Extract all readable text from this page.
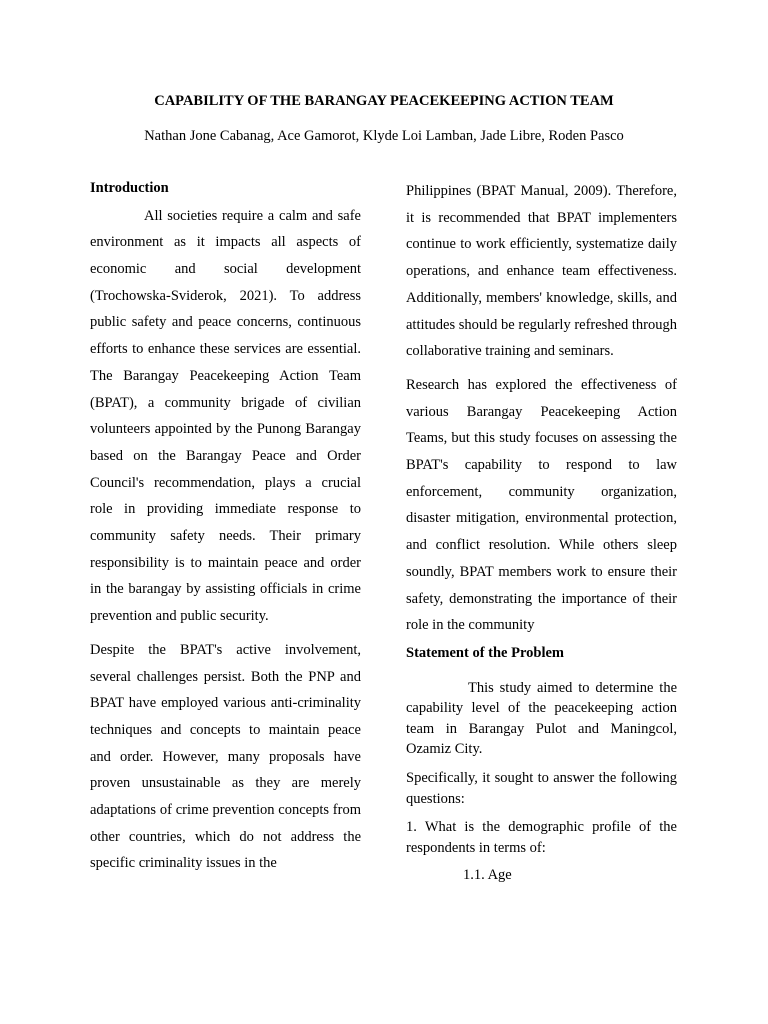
CAPABILITY OF THE BARANGAY PEACEKEEPING ACTION TEAM

Nathan Jone Cabanag, Ace Gamorot, Klyde Loi Lamban, Jade Libre, Roden Pasco

Introduction

All societies require a calm and safe environment as it impacts all aspects of economic and social development (Trochowska-Sviderok, 2021). To address public safety and peace concerns, continuous efforts to enhance these services are essential. The Barangay Peacekeeping Action Team (BPAT), a community brigade of civilian volunteers appointed by the Punong Barangay based on the Barangay Peace and Order Council's recommendation, plays a crucial role in providing immediate response to community safety needs. Their primary responsibility is to maintain peace and order in the barangay by assisting officials in crime prevention and public security.

Despite the BPAT's active involvement, several challenges persist. Both the PNP and BPAT have employed various anti-criminality techniques and concepts to maintain peace and order. However, many proposals have proven unsustainable as they are merely adaptations of crime prevention concepts from other countries, which do not address the specific criminality issues in the

Philippines (BPAT Manual, 2009). Therefore, it is recommended that BPAT implementers continue to work efficiently, systematize daily operations, and enhance team effectiveness. Additionally, members' knowledge, skills, and attitudes should be regularly refreshed through collaborative training and seminars.

Research has explored the effectiveness of various Barangay Peacekeeping Action Teams, but this study focuses on assessing the BPAT's capability to respond to law enforcement, community organization, disaster mitigation, environmental protection, and conflict resolution. While others sleep soundly, BPAT members work to ensure their safety, demonstrating the importance of their role in the community

Statement of the Problem

This study aimed to determine the capability level of the peacekeeping action team in Barangay Pulot and Maningcol, Ozamiz City.

Specifically, it sought to answer the following questions:

1. What is the demographic profile of the respondents in terms of:

1.1. Age
